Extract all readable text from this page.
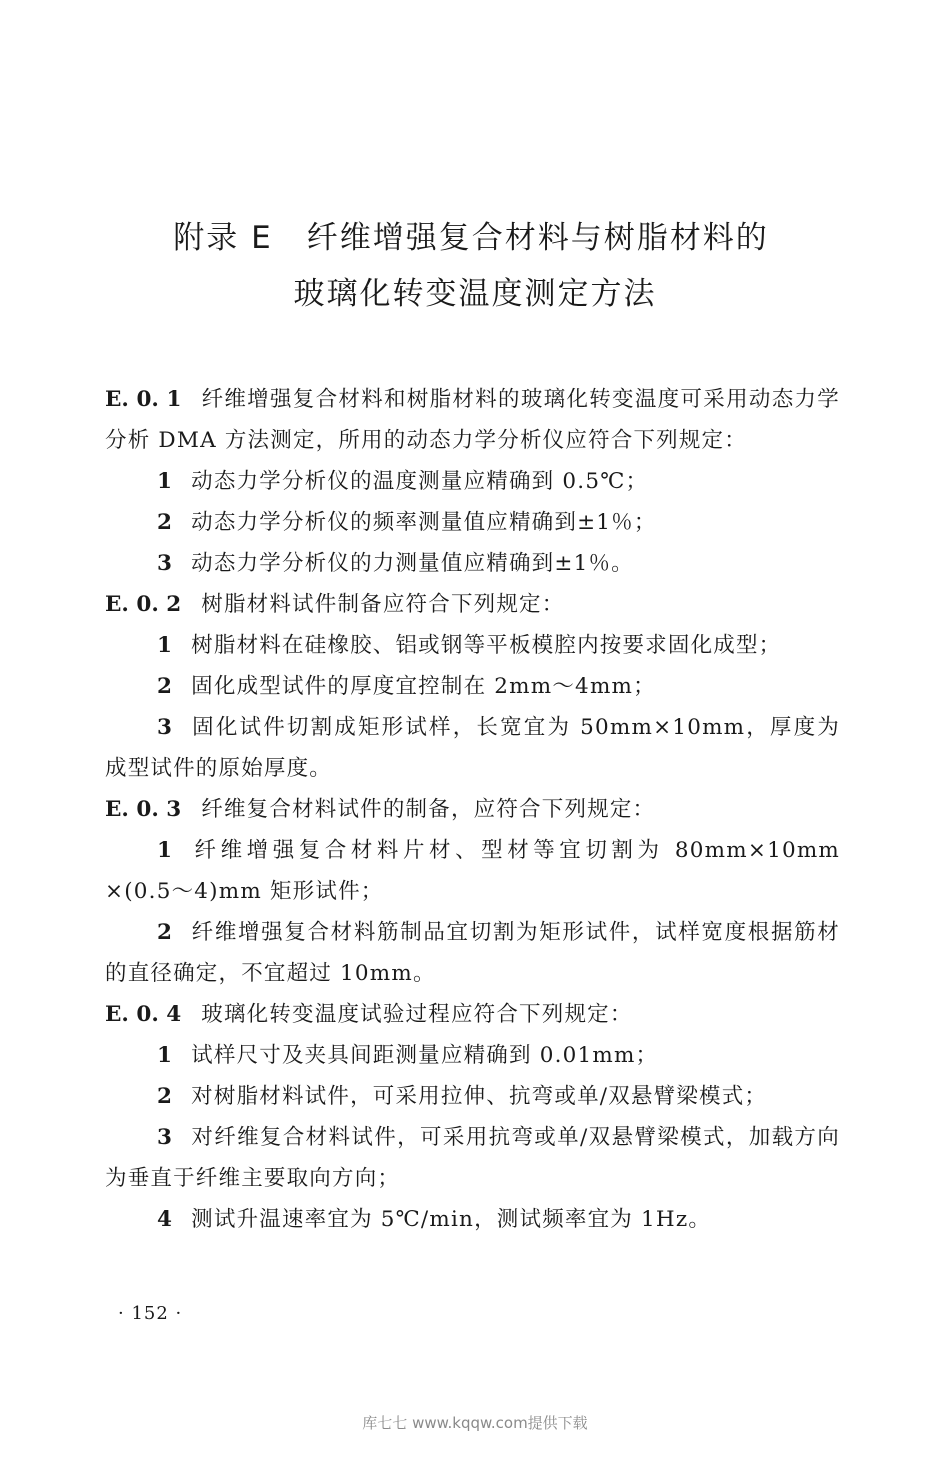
附录 E 纤维增强复合材料与树脂材料的
玻璃化转变温度测定方法

E. 0. 1 纤维增强复合材料和树脂材料的玻璃化转变温度可采用动态力学分析 DMA 方法测定，所用的动态力学分析仪应符合下列规定：

1 动态力学分析仪的温度测量应精确到 0.5℃；

2 动态力学分析仪的频率测量值应精确到±1％；

3 动态力学分析仪的力测量值应精确到±1％。

E. 0. 2 树脂材料试件制备应符合下列规定：

1 树脂材料在硅橡胶、铝或钢等平板模腔内按要求固化成型；

2 固化成型试件的厚度宜控制在 2mm～4mm；

3 固化试件切割成矩形试样，长宽宜为 50mm×10mm，厚度为成型试件的原始厚度。

E. 0. 3 纤维复合材料试件的制备，应符合下列规定：

1 纤维增强复合材料片材、型材等宜切割为 80mm×10mm ×(0.5～4)mm 矩形试件；

2 纤维增强复合材料筋制品宜切割为矩形试件，试样宽度根据筋材的直径确定，不宜超过 10mm。

E. 0. 4 玻璃化转变温度试验过程应符合下列规定：

1 试样尺寸及夹具间距测量应精确到 0.01mm；

2 对树脂材料试件，可采用拉伸、抗弯或单/双悬臂梁模式；

3 对纤维复合材料试件，可采用抗弯或单/双悬臂梁模式，加载方向为垂直于纤维主要取向方向；

4 测试升温速率宜为 5℃/min，测试频率宜为 1Hz。

· 152 ·
库七七 www.kqqw.com提供下载
